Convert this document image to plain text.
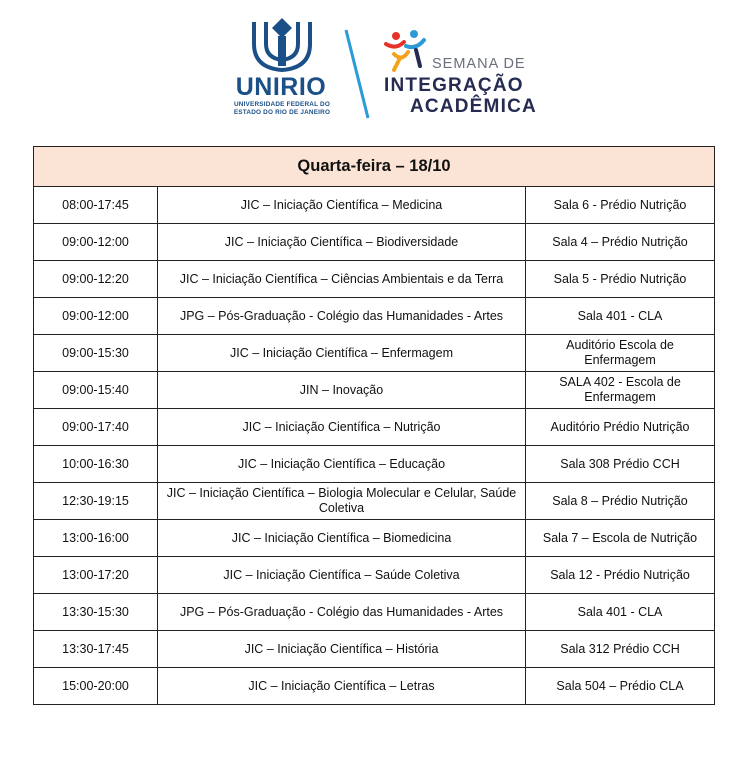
UNIRIO
UNIVERSIDADE FEDERAL DO
ESTADO DO RIO DE JANEIRO
SEMANA DE
INTEGRAÇÃO
ACADÊMICA
Quarta-feira – 18/10		
08:00-17:45	JIC – Iniciação Científica – Medicina	Sala 6 - Prédio Nutrição
09:00-12:00	JIC – Iniciação Científica – Biodiversidade	Sala 4 – Prédio Nutrição
09:00-12:20	JIC – Iniciação Científica – Ciências Ambientais e da Terra	Sala 5 - Prédio Nutrição
09:00-12:00	JPG – Pós-Graduação - Colégio das Humanidades - Artes	Sala 401 - CLA
09:00-15:30	JIC – Iniciação Científica – Enfermagem	Auditório Escola de Enfermagem
09:00-15:40	JIN – Inovação	SALA 402 - Escola de Enfermagem
09:00-17:40	JIC – Iniciação Científica – Nutrição	Auditório Prédio Nutrição
10:00-16:30	JIC – Iniciação Científica – Educação	Sala 308 Prédio CCH
12:30-19:15	JIC – Iniciação Científica – Biologia Molecular e Celular, Saúde Coletiva	Sala 8 – Prédio Nutrição
13:00-16:00	JIC – Iniciação Científica – Biomedicina	Sala 7 – Escola de Nutrição
13:00-17:20	JIC – Iniciação Científica – Saúde Coletiva	Sala 12 - Prédio Nutrição
13:30-15:30	JPG – Pós-Graduação - Colégio das Humanidades - Artes	Sala 401 - CLA
13:30-17:45	JIC – Iniciação Científica – História	Sala 312 Prédio CCH
15:00-20:00	JIC – Iniciação Científica – Letras	Sala 504 – Prédio CLA
